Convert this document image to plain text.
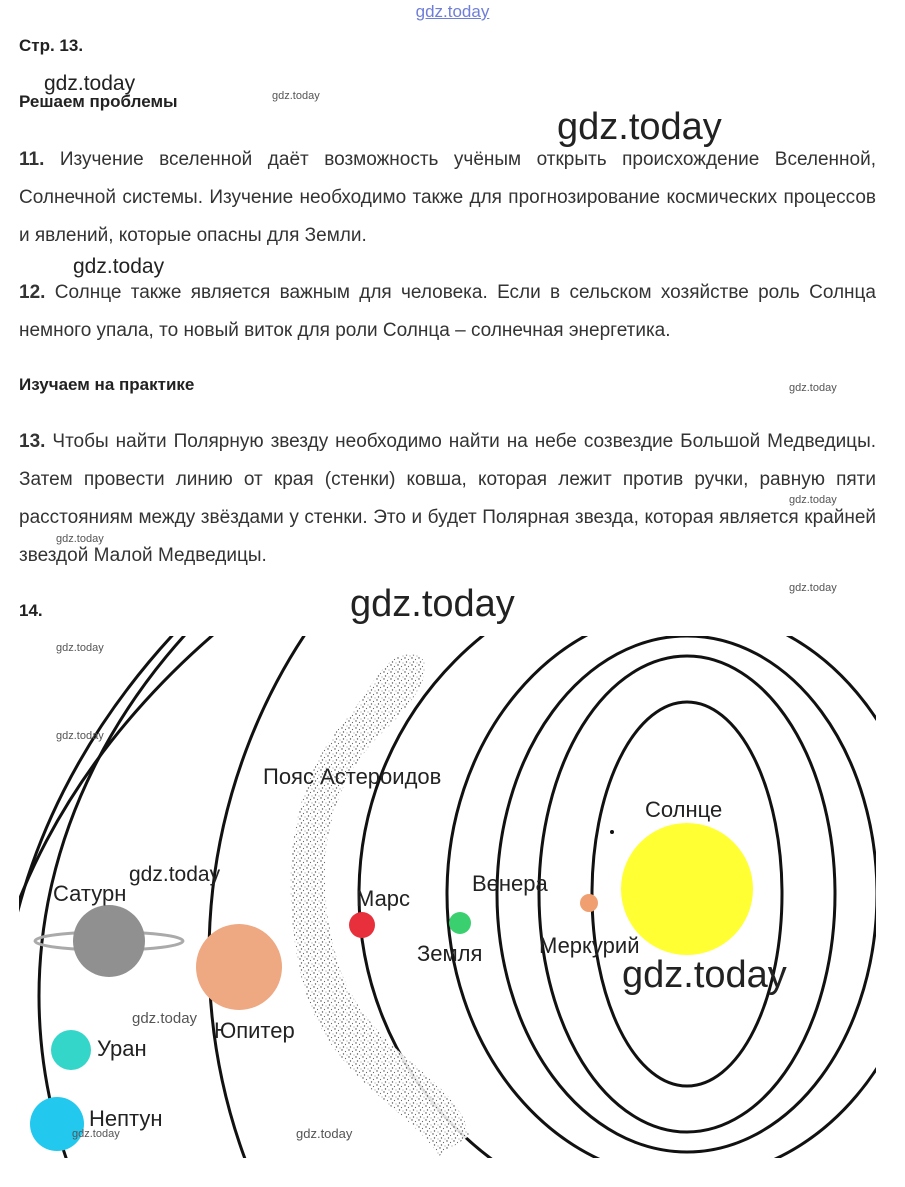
gdz.today
Стр. 13.
Решаем проблемы
11. Изучение вселенной даёт возможность учёным открыть происхождение Вселенной, Солнечной системы. Изучение необходимо также для прогнозирование космических процессов и явлений, которые опасны для Земли.
12. Солнце также является важным для человека. Если в сельском хозяйстве роль Солнца немного упала, то новый виток для роли Солнца – солнечная энергетика.
Изучаем на практике
13. Чтобы найти Полярную звезду необходимо найти на небе созвездие Большой Медведицы. Затем провести линию от края (стенки) ковша, которая лежит против ручки, равную пяти расстояниям между звёздами у стенки. Это и будет Полярная звезда, которая является крайней звездой Малой Медведицы.
14.
Солнце
Меркурий
Венера
Земля
Марс
Пояс Астероидов
Юпитер
Сатурн
Уран
Нептун
gdz.today
gdz.today
gdz.today
gdz.today
gdz.today
gdz.today
gdz.today
gdz.today
gdz.today
gdz.today
gdz.today
gdz.today
gdz.today
gdz.today
gdz.today
gdz.today
